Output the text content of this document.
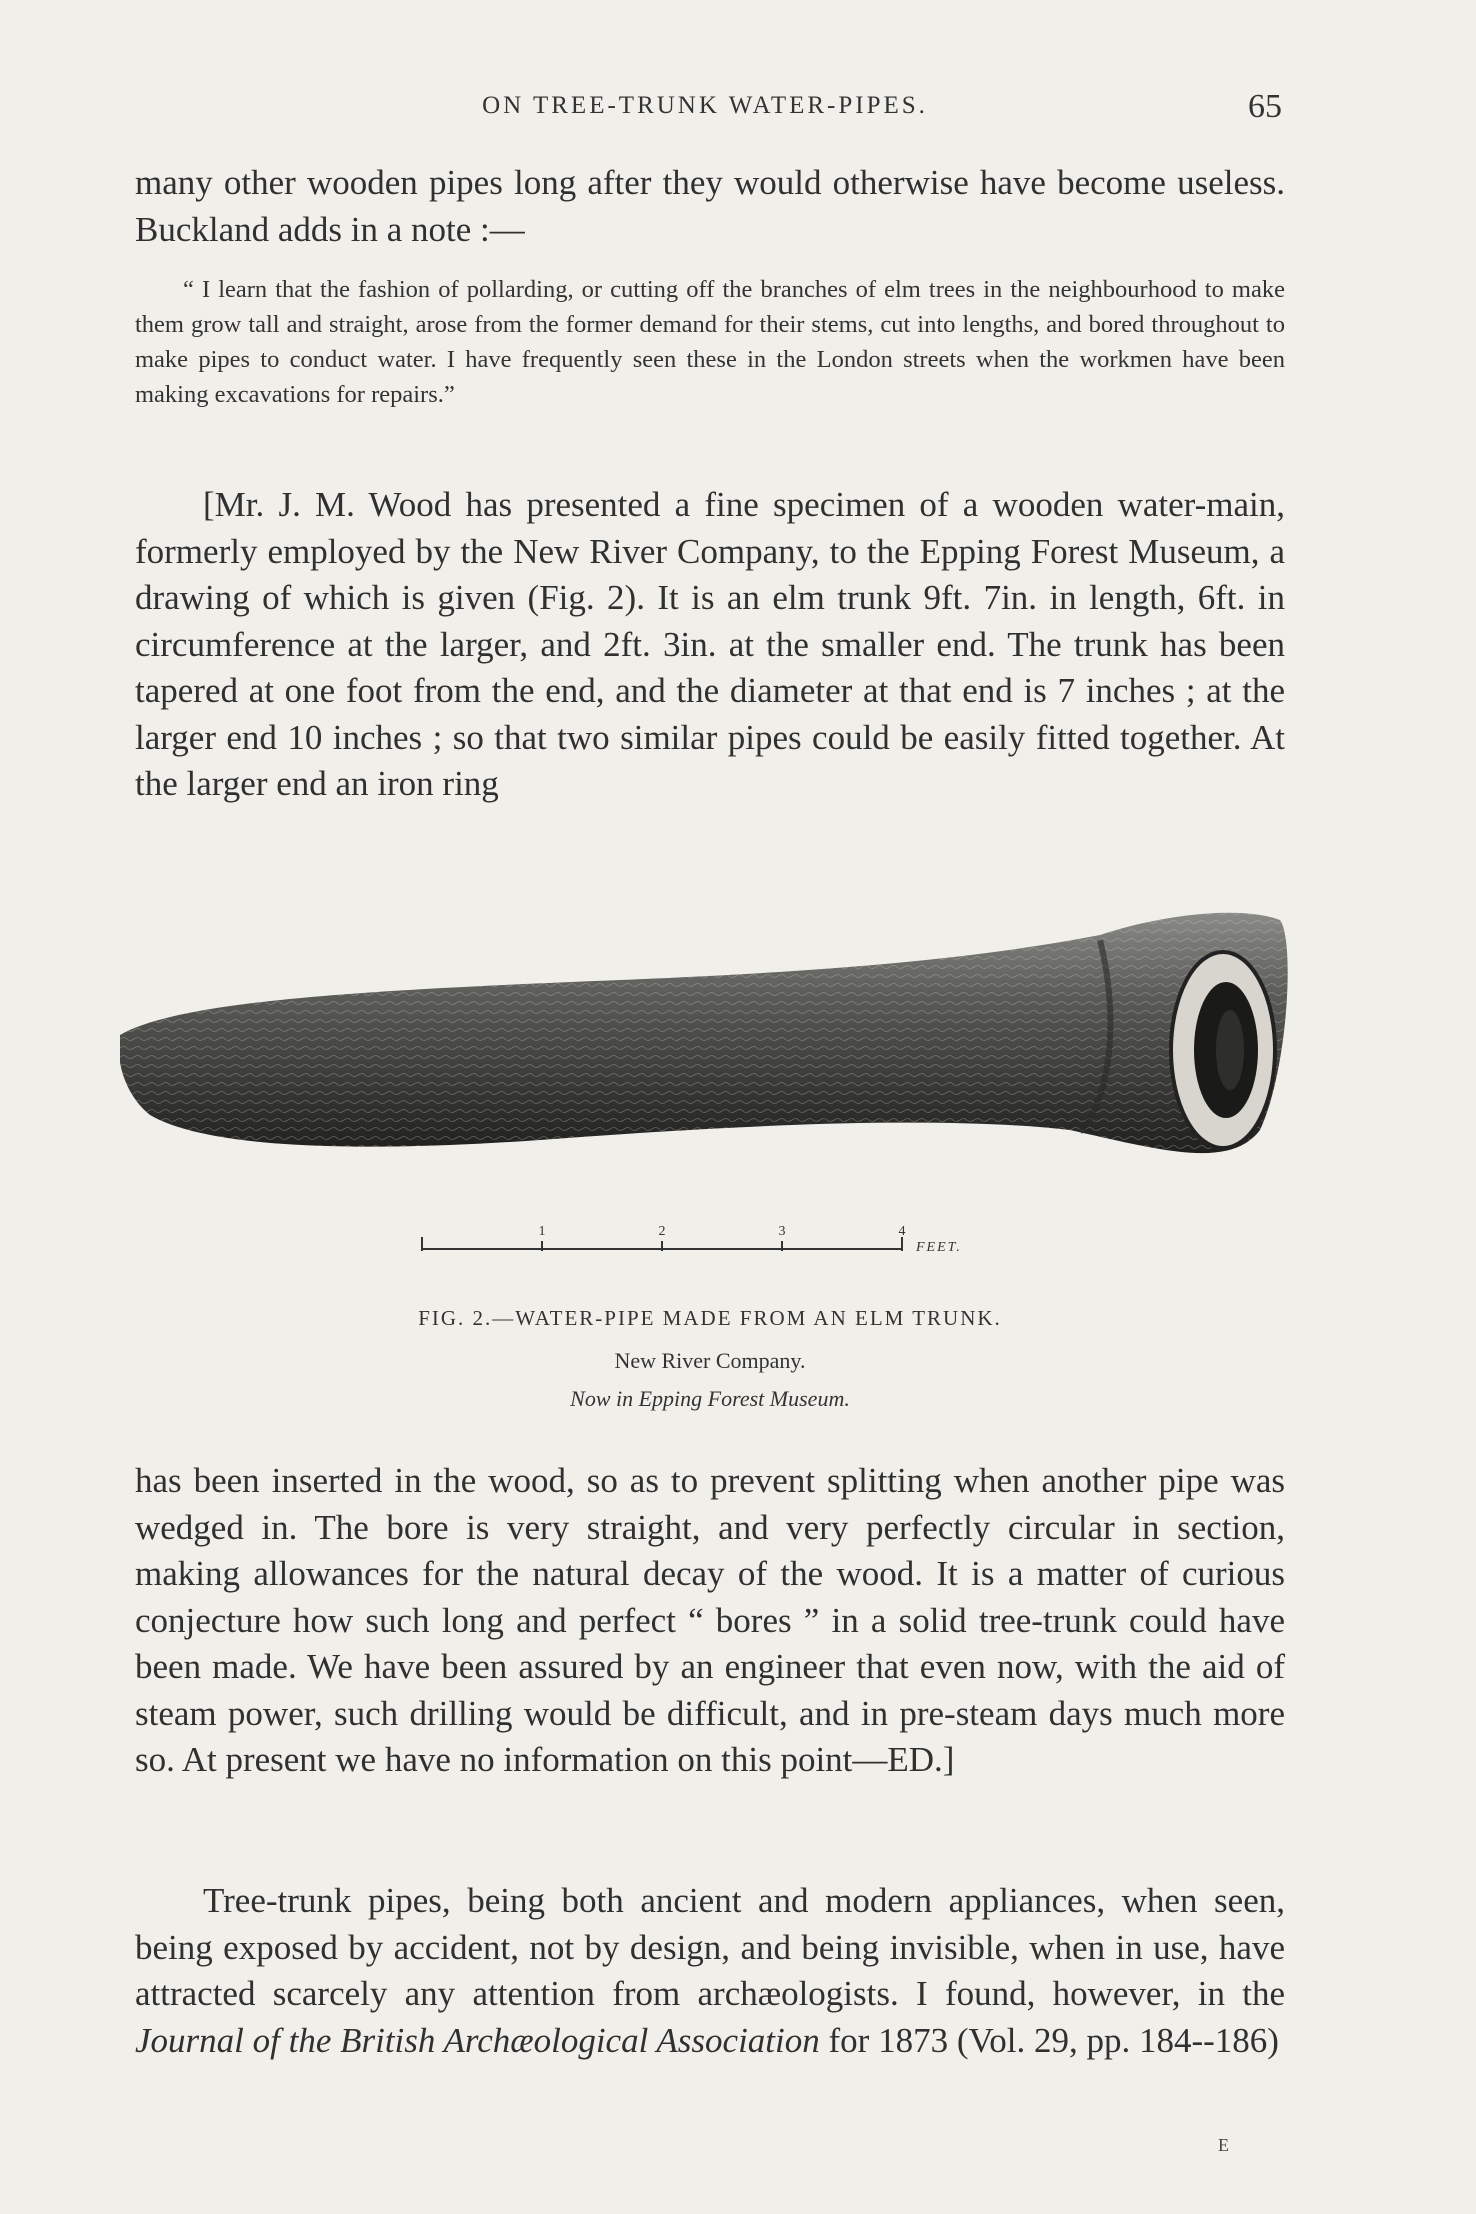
ON TREE-TRUNK WATER-PIPES.	65

many other wooden pipes long after they would otherwise have become useless. Buckland adds in a note :—

“ I learn that the fashion of pollarding, or cutting off the branches of elm trees in the neighbourhood to make them grow tall and straight, arose from the former demand for their stems, cut into lengths, and bored throughout to make pipes to conduct water. I have frequently seen these in the London streets when the workmen have been making excavations for repairs.”

[Mr. J. M. Wood has presented a fine specimen of a wooden water-main, formerly employed by the New River Company, to the Epping Forest Museum, a drawing of which is given (Fig. 2). It is an elm trunk 9ft. 7in. in length, 6ft. in circumference at the larger, and 2ft. 3in. at the smaller end. The trunk has been tapered at one foot from the end, and the diameter at that end is 7 inches ; at the larger end 10 inches ; so that two similar pipes could be easily fitted together. At the larger end an iron ring

1	2	3	4
FEET.
FIG. 2.—WATER-PIPE MADE FROM AN ELM TRUNK.
New River Company.
Now in Epping Forest Museum.

has been inserted in the wood, so as to prevent splitting when another pipe was wedged in. The bore is very straight, and very perfectly circular in section, making allowances for the natural decay of the wood. It is a matter of curious conjecture how such long and perfect “ bores ” in a solid tree-trunk could have been made. We have been assured by an engineer that even now, with the aid of steam power, such drilling would be difficult, and in pre-steam days much more so. At present we have no information on this point—ED.]

Tree-trunk pipes, being both ancient and modern appliances, when seen, being exposed by accident, not by design, and being invisible, when in use, have attracted scarcely any attention from archæologists. I found, however, in the Journal of the British Archæological Association for 1873 (Vol. 29, pp. 184--186)

E
